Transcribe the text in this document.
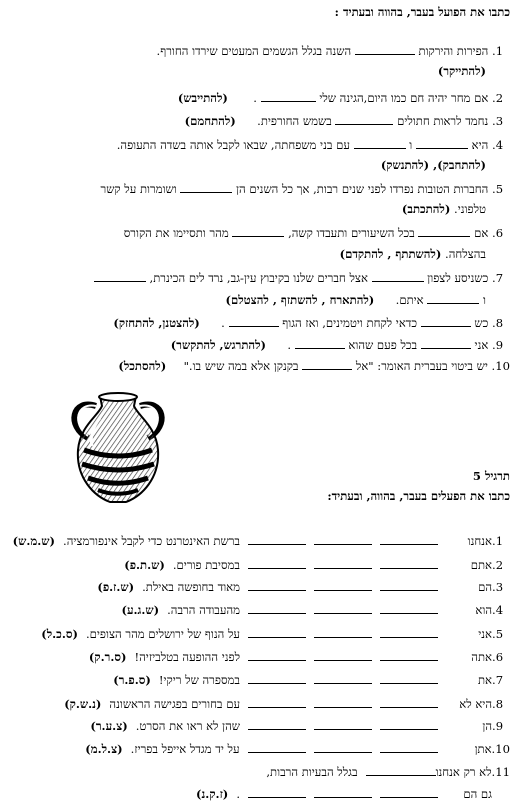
כתבו את הפועל בעבר, בהווה ובעתיד :
1. הפירות והירקות  השנה בגלל הגשמים המעטים שירדו החורף.
(להתייקר)
2. אם מחר יהיה חם כמו היום,הגינה שלי  .  (להתייבש)
3. נחמד לראות חתולים  בשמש החורפית.  (להתחמם)
4. היא  ו  עם בני משפחתה, שבאו לקבל אותה בשדה התעופה.
(להתחבק), (להתנשק)
5. החברות הטובות נפרדו לפני שנים רבות, אך כל השנים הן  ושומרות על קשר
טלפוני. (להתכתב)
6. אם  בכל השיעורים ותעבדו קשה,  מהר ותסיימו את הקורס
בהצלחה. (להשתתף , להתקדם)
7. כשניסע לצפון  אצל חברים שלנו בקיבוץ עין-גב, נרד לים הכינרת,
ו  איתם.  (להתארח , להשתזף , להצטלם)
8. כש  כדאי לקחת ויטמינים, ואז הגוף  .  (להצטנן, להתחזק)
9. אני  בכל פעם שהוא  .  (להתרגש, להתקשר)
10. יש ביטוי בעברית האומר: "אל  בקנקן אלא במה שיש בו."  (להסתכל)
תרגיל 5
כתבו את הפעלים בעבר, בהווה, ובעתיד:
1.אנחנוברשת האינטרנט כדי לקבל אינפורמציה.(ש.מ.ש)
2.אתםבמסיבת פורים.(ש.ת.פ)
3.הםמאוד בחופשה באילת.(ש.ז.פ)
4.הואמהעבודה הרבה.(ש.ג.ע)
5.אניעל הנוף של ירושלים מהר הצופים.(ס.כ.ל)
6.אתהלפני ההופעה בטלביזיה!(ס.ר.ק)
7.אתבמספרה של ריקי!(ס.פ.ר)
8.היא לאעם בחורים בפגישה הראשונה(נ.ש.ק)
9.הןשהן לא ראו את הסרט.(צ.ע.ר)
10.אתןעל יד מגדל אייפל בפריז.(צ.ל.מ)
11.לא רק אנחנובגלל הבעיות הרבות,
גם הם.(ז.ק.נ)
